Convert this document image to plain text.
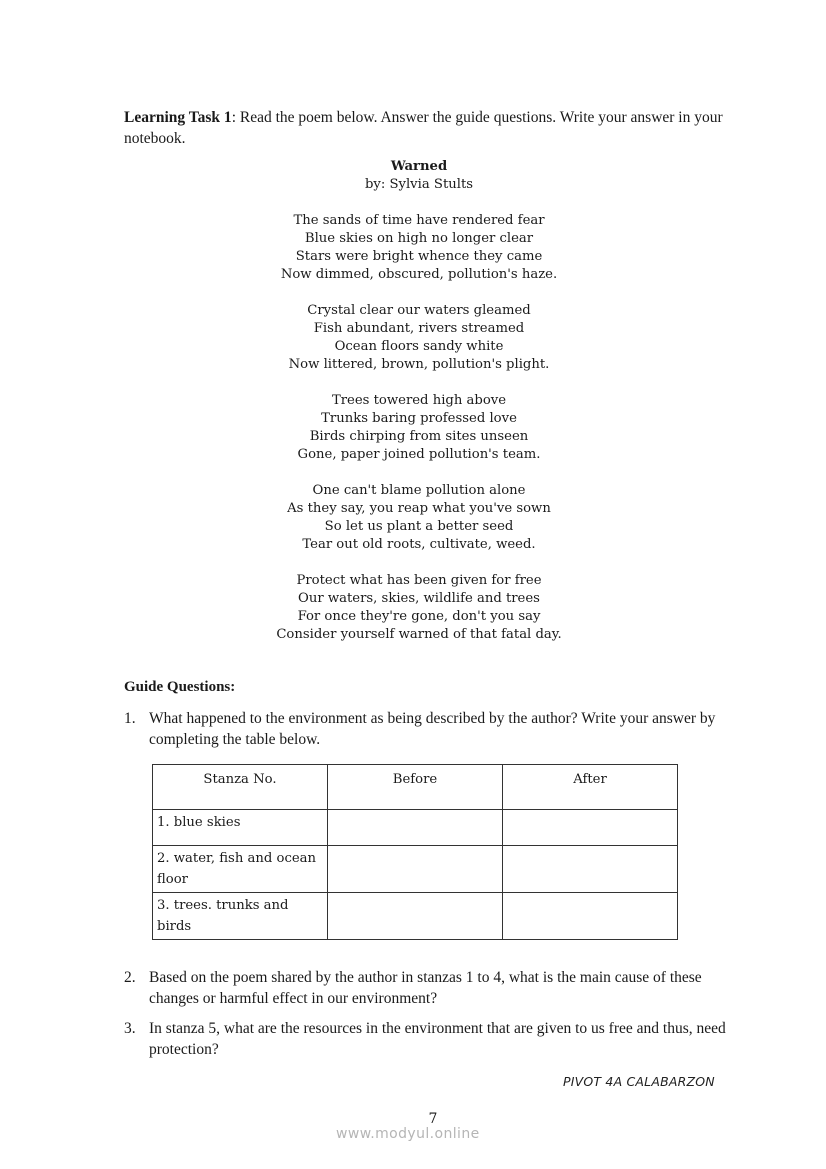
Learning Task 1: Read the poem below. Answer the guide questions. Write your answer in your notebook.
Warned
by: Sylvia Stults
The sands of time have rendered fear
Blue skies on high no longer clear
Stars were bright whence they came
Now dimmed, obscured, pollution's haze.
Crystal clear our waters gleamed
Fish abundant, rivers streamed
Ocean floors sandy white
Now littered, brown, pollution's plight.
Trees towered high above
Trunks baring professed love
Birds chirping from sites unseen
Gone, paper joined pollution's team.
One can't blame pollution alone
As they say, you reap what you've sown
So let us plant a better seed
Tear out old roots, cultivate, weed.
Protect what has been given for free
Our waters, skies, wildlife and trees
For once they're gone, don't you say
Consider yourself warned of that fatal day.
Guide Questions:
1. What happened to the environment as being described by the author? Write your answer by completing the table below.
Stanza No.	Before	After
1. blue skies		
2. water, fish and ocean floor		
3. trees. trunks and birds		
2. Based on the poem shared by the author in stanzas 1 to 4, what is the main cause of these changes or harmful effect in our environment?
3. In stanza 5, what are the resources in the environment that are given to us free and thus, need protection?
PIVOT 4A CALABARZON
7
www.modyul.online
